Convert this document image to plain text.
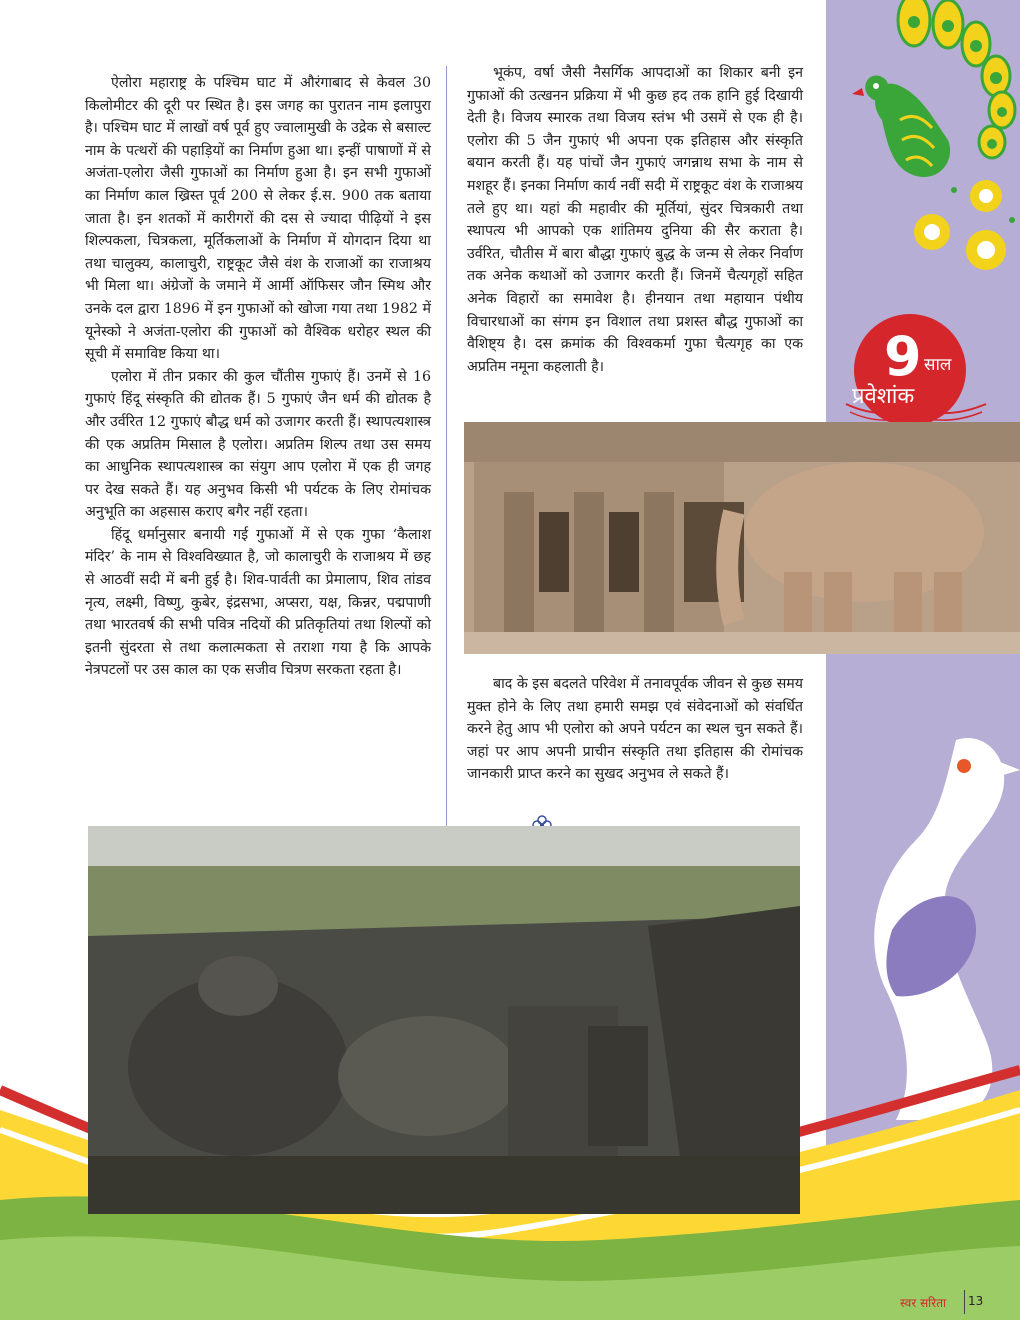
9 साल
प्रवेशांक

ऐलोरा महाराष्ट्र के पश्चिम घाट में औरंगाबाद से केवल 30 किलोमीटर की दूरी पर स्थित है। इस जगह का पुरातन नाम इलापुरा है। पश्चिम घाट में लाखों वर्ष पूर्व हुए ज्वालामुखी के उद्रेक से बसाल्ट नाम के पत्थरों की पहाड़ियों का निर्माण हुआ था। इन्हीं पाषाणों में से अजंता-एलोरा जैसी गुफाओं का निर्माण हुआ है। इन सभी गुफाओं का निर्माण काल ख्रिस्त पूर्व 200 से लेकर ई.स. 900 तक बताया जाता है। इन शतकों में कारीगरों की दस से ज्यादा पीढ़ियों ने इस शिल्पकला, चित्रकला, मूर्तिकलाओं के निर्माण में योगदान दिया था तथा चालुक्य, कालाचुरी, राष्ट्रकूट जैसे वंश के राजाओं का राजाश्रय भी मिला था। अंग्रेजों के जमाने में आर्मी ऑफिसर जौन स्मिथ और उनके दल द्वारा 1896 में इन गुफाओं को खोजा गया तथा 1982 में यूनेस्को ने अजंता-एलोरा की गुफाओं को वैश्विक धरोहर स्थल की सूची में समाविष्ट किया था।

एलोरा में तीन प्रकार की कुल चौंतीस गुफाएं हैं। उनमें से 16 गुफाएं हिंदू संस्कृति की द्योतक हैं। 5 गुफाएं जैन धर्म की द्योतक है और उर्वरित 12 गुफाएं बौद्ध धर्म को उजागर करती हैं। स्थापत्यशास्त्र की एक अप्रतिम मिसाल है एलोरा। अप्रतिम शिल्प तथा उस समय का आधुनिक स्थापत्यशास्त्र का संयुग आप एलोरा में एक ही जगह पर देख सकते हैं। यह अनुभव किसी भी पर्यटक के लिए रोमांचक अनुभूति का अहसास कराए बगैर नहीं रहता।

हिंदू धर्मानुसार बनायी गई गुफाओं में से एक गुफा ‘कैलाश मंदिर’ के नाम से विश्वविख्यात है, जो कालाचुरी के राजाश्रय में छह से आठवीं सदी में बनी हुई है। शिव-पार्वती का प्रेमालाप, शिव तांडव नृत्य, लक्ष्मी, विष्णु, कुबेर, इंद्रसभा, अप्सरा, यक्ष, किन्नर, पद्मपाणी तथा भारतवर्ष की सभी पवित्र नदियों की प्रतिकृतियां तथा शिल्पों को इतनी सुंदरता से तथा कलात्मकता से तराशा गया है कि आपके नेत्रपटलों पर उस काल का एक सजीव चित्रण सरकता रहता है।

भूकंप, वर्षा जैसी नैसर्गिक आपदाओं का शिकार बनी इन गुफाओं की उत्खनन प्रक्रिया में भी कुछ हद तक हानि हुई दिखायी देती है। विजय स्मारक तथा विजय स्तंभ भी उसमें से एक ही है। एलोरा की 5 जैन गुफाएं भी अपना एक इतिहास और संस्कृति बयान करती हैं। यह पांचों जैन गुफाएं जगन्नाथ सभा के नाम से मशहूर हैं। इनका निर्माण कार्य नवीं सदी में राष्ट्रकूट वंश के राजाश्रय तले हुए था। यहां की महावीर की मूर्तियां, सुंदर चित्रकारी तथा स्थापत्य भी आपको एक शांतिमय दुनिया की सैर कराता है। उर्वरित, चौतीस में बारा बौद्धा गुफाएं बुद्ध के जन्म से लेकर निर्वाण तक अनेक कथाओं को उजागर करती हैं। जिनमें चैत्यगृहों सहित अनेक विहारों का समावेश है। हीनयान तथा महायान पंथीय विचारधाओं का संगम इन विशाल तथा प्रशस्त बौद्ध गुफाओं का वैशिष्ट्य है। दस क्रमांक की विश्वकर्मा गुफा चैत्यगृह का एक अप्रतिम नमूना कहलाती है।

बाद के इस बदलते परिवेश में तनावपूर्वक जीवन से कुछ समय मुक्त होने के लिए तथा हमारी समझ एवं संवेदनाओं को संवर्धित करने हेतु आप भी एलोरा को अपने पर्यटन का स्थल चुन सकते हैं। जहां पर आप अपनी प्राचीन संस्कृति तथा इतिहास की रोमांचक जानकारी प्राप्त करने का सुखद अनुभव ले सकते हैं।

स्वर सरिता 13
